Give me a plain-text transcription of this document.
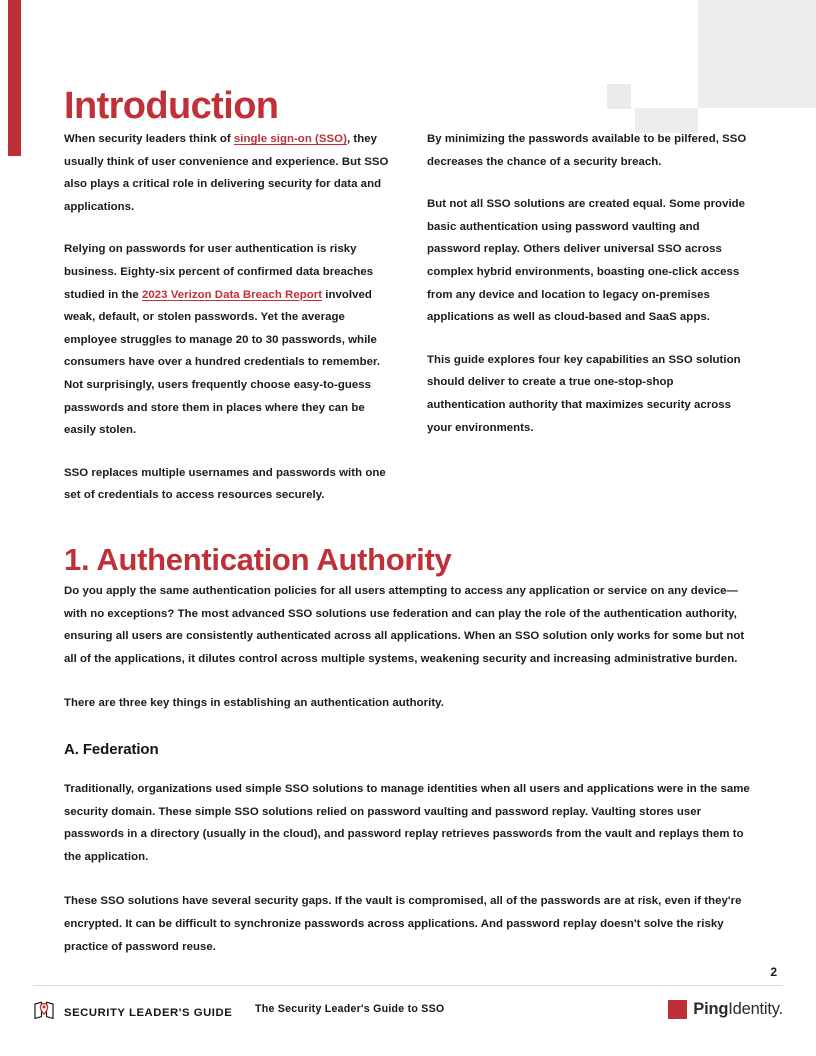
Introduction

When security leaders think of single sign-on (SSO), they usually think of user convenience and experience. But SSO also plays a critical role in delivering security for data and applications.

Relying on passwords for user authentication is risky business. Eighty-six percent of confirmed data breaches studied in the 2023 Verizon Data Breach Report involved weak, default, or stolen passwords. Yet the average employee struggles to manage 20 to 30 passwords, while consumers have over a hundred credentials to remember. Not surprisingly, users frequently choose easy-to-guess passwords and store them in places where they can be easily stolen.

SSO replaces multiple usernames and passwords with one set of credentials to access resources securely.

By minimizing the passwords available to be pilfered, SSO decreases the chance of a security breach.

But not all SSO solutions are created equal. Some provide basic authentication using password vaulting and password replay. Others deliver universal SSO across complex hybrid environments, boasting one-click access from any device and location to legacy on-premises applications as well as cloud-based and SaaS apps.

This guide explores four key capabilities an SSO solution should deliver to create a true one-stop-shop authentication authority that maximizes security across your environments.

1. Authentication Authority

Do you apply the same authentication policies for all users attempting to access any application or service on any device—with no exceptions? The most advanced SSO solutions use federation and can play the role of the authentication authority, ensuring all users are consistently authenticated across all applications. When an SSO solution only works for some but not all of the applications, it dilutes control across multiple systems, weakening security and increasing administrative burden.

There are three key things in establishing an authentication authority.

A. Federation

Traditionally, organizations used simple SSO solutions to manage identities when all users and applications were in the same security domain. These simple SSO solutions relied on password vaulting and password replay. Vaulting stores user passwords in a directory (usually in the cloud), and password replay retrieves passwords from the vault and replays them to the application.

These SSO solutions have several security gaps. If the vault is compromised, all of the passwords are at risk, even if they're encrypted. It can be difficult to synchronize passwords across applications. And password replay doesn't solve the risky practice of password reuse.

2
SECURITY LEADER'S GUIDE The Security Leader's Guide to SSO	PingIdentity.
